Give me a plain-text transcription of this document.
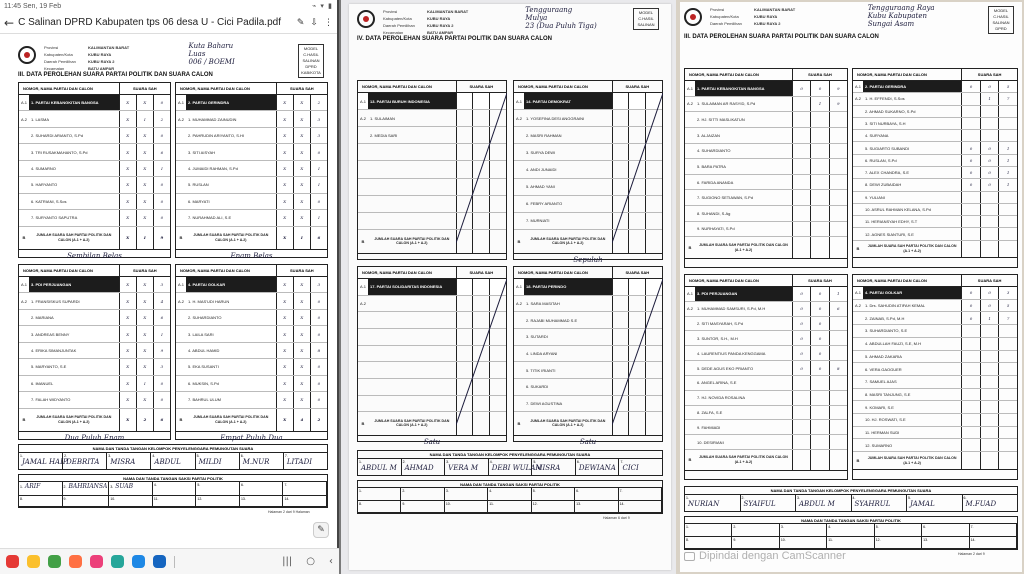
11:45 Sen, 19 Feb	⌁ ▾ ▮
← C Salinan DPRD Kabupaten tps 06 desa U - Cici Padila.pdf	✎ ⇩ ⋮
Provinsi
Kabupaten/Kota
Daerah Pemilihan
Kecamatan
KALIMANTAN BARAT
KUBU RAYA
KUBU RAYA 2
BATU AMPAR
Kuta Baharu
Luas
006 / BOEMI
MODEL C.HASIL SALINAN DPRD KAB/KOTA
III. DATA PEROLEHAN SUARA PARTAI POLITIK DAN SUARA CALON
NOMOR, NAMA PARTAI DAN CALON	SUARA SAH
A.1	1. PARTAI KEBANGKITAN BANGSA	X	X	0
A.2	1. LASMA	X	I	2
2. SUHARDI ARIANTO, S.Pd	X	X	0
3. TRI RUSAKMAHANTO, S.Pd	X	X	6
4. SUMARNO	X	X	I
5. HARYANTO	X	X	0
6. KATRIANI, S.Sos	X	X	0
7. SURYANTO SAPUTRA	X	X	0
B	JUMLAH SUARA SAH PARTAI POLITIK DAN CALON (A.1 + A.2)	X	I	9
Sembilan Belas
NOMOR, NAMA PARTAI DAN CALON	SUARA SAH
A.1	2. PARTAI GERINDRA	X	X	2
A.2	1. MUHAMMAD ZAINUDIN	X	X	3
2. PAHRUDIN ARIYANTO, S.HI	X	X	3
3. SITI AISYAH	X	X	0
4. JUMAIDI RAHMAN, S.Pd	X	X	I
5. RUSLAN	X	X	I
6. MARYATI	X	X	0
7. NURAHMAD ALI, S.E	X	X	I
B	JUMLAH SUARA SAH PARTAI POLITIK DAN CALON (A.1 + A.2)	X	I	6
Enam Belas
NOMOR, NAMA PARTAI DAN CALON	SUARA SAH
A.1	3. PDI PERJUANGAN	X	X	3
A.2	1. FRANSISKUS SUPARDI	X	X	4
2. MARIANA	X	X	6
3. ANDREAS BENNY	X	X	I
4. ERIKA SIMANJUNTAK	X	X	9
5. MARYANTO, S.E	X	X	3
6. IMANUEL	X	I	0
7. FALAH WIDYANTO	X	X	0
B	JUMLAH SUARA SAH PARTAI POLITIK DAN CALON (A.1 + A.2)	X	2	6
Dua Puluh Enam
NOMOR, NAMA PARTAI DAN CALON	SUARA SAH
A.1	4. PARTAI GOLKAR	X	X	3
A.2	1. H. MAS'UDI HARUN	X	X	0
2. SUHARDIANTO	X	X	0
3. LAILA SARI	X	X	0
4. ABDUL HAMID	X	X	8
5. EKA SUSANTI	X	X	0
6. MUKSIN, S.Pd	X	X	0
7. BAHRUL ULUM	X	X	0
B	JUMLAH SUARA SAH PARTAI POLITIK DAN CALON (A.1 + A.2)	X	4	2
Empat Puluh Dua
NAMA DAN TANDA TANGAN KELOMPOK PENYELENGGARA PEMUNGUTAN SUARA
1.
JAMAL HAIP
2.
DEBRITA
3.
MISRA
4.
ABDUL
5.
MILDI
6.
M.NUR
7.
LITADI
NAMA DAN TANDA TANGAN SAKSI PARTAI POLITIK
1. ARIF	2. BAHRIANSA 3. SUAB	4.	5.	6.	7.
8.	9.	10.	11.	12.	13.	14.
Halaman 2 dari 9 Halaman
✎
||| ○ ‹
Provinsi
Kabupaten/Kota
Daerah Pemilihan
Kecamatan
KALIMANTAN BARAT
KUBU RAYA
KUBU RAYA 2
BATU AMPAR
Tengguraang
Mulya
23 (Dua Puluh Tiga)
MODEL C.HASIL SALINAN
IV. DATA PEROLEHAN SUARA PARTAI POLITIK DAN SUARA CALON
NOMOR, NAMA PARTAI DAN CALON	SUARA SAH
A.1	13. PARTAI BURUH INDONESIA
A.2	1. SULAIMAN
2. MEDIA SARI
B	JUMLAH SUARA SAH PARTAI POLITIK DAN CALON (A.1 + A.2)
NOMOR, NAMA PARTAI DAN CALON	SUARA SAH
A.1	14. PARTAI DEMOKRAT
A.2	1. YOSEFINA DESI ANGGRAINI
2. MASRI RAHMAN
3. SURYA DEWI
4. ANDI JUNAIDI
5. AHMAD YANI
6. FEBRY ARIANTO
7. MURNIATI
B	JUMLAH SUARA SAH PARTAI POLITIK DAN CALON (A.1 + A.2)
Sepuluh
NOMOR, NAMA PARTAI DAN CALON	SUARA SAH
A.1	17. PARTAI SOLIDARITAS INDONESIA
A.2
B	JUMLAH SUARA SAH PARTAI POLITIK DAN CALON (A.1 + A.2)
Satu
NOMOR, NAMA PARTAI DAN CALON	SUARA SAH
A.1	18. PARTAI PERINDO
A.2	1. SARA MASITAH
2. RAJABI MUHAMMAD S.E
3. SUTARDI
4. LINDA ARYANI
5. TITIK IRIANTI
6. SUKARDI
7. DEWI AGUSTINA
B	JUMLAH SUARA SAH PARTAI POLITIK DAN CALON (A.1 + A.2)
Satu
NAMA DAN TANDA TANGAN KELOMPOK PENYELENGGARA PEMUNGUTAN SUARA
1.
ABDUL M
2.
AHMAD
3.
VERA M
4.
DEBI WULAN
5.
MISRA
6.
DEWIANA
7.
CICI
NAMA DAN TANDA TANGAN SAKSI PARTAI POLITIK
1.	2.	3.	4.	5.	6.	7.
8.	9.	10.	11.	12.	13.	14.
Halaman 6 dari 9
Provinsi
Kabupaten/Kota
Daerah Pemilihan
KALIMANTAN BARAT
KUBU RAYA
KUBU RAYA 2
Tengguraang Raya
Kubu Kabupaten
Sungai Asam
MODEL C.HASIL SALINAN DPRD
III. DATA PEROLEHAN SUARA PARTAI POLITIK DAN SUARA CALON
NOMOR, NAMA PARTAI DAN CALON	SUARA SAH
A.1	1. PARTAI KEBANGKITAN BANGSA	0	0	9
A.2	1. SULAIMAN AR RASYID, S.Pd	1	9
2. HJ. SITTI MASLIKATUN
3. ALJAIZAN
4. SUHARDIANTO
5. BARA PATRA
6. FARIDA ANANDA
7. SUGIONO SETIAWAN, S.Pd
8. SUHANDI, S.Ag
9. NURHAYATI, S.Pd
B	JUMLAH SUARA SAH PARTAI POLITIK DAN CALON (A.1 + A.2)
NOMOR, NAMA PARTAI DAN CALON	SUARA SAH
A.1	2. PARTAI GERINDRA	0	0	5
A.2	1. H. EFFENDI, S.Sos	1	7
2. AHMAD SUKARNO, S.Pd
3. SITI NURBAYA, S.H
4. SURYANA
5. SUGIARTO SUBANDI	0	0	1
6. RUSLAN, S.Pd	0	0	1
7. ALEX CHANDRA, S.E	0	0	1
8. DEWI ZUBAIDAH	0	0	1
9. YULIANI
10. ASRUL RAHMAN KELANA, S.Pd
11. HERIANSYAH EDHY, S.T
12. AGNES SIANTURI, S.E
B	JUMLAH SUARA SAH PARTAI POLITIK DAN CALON (A.1 + A.2)
NOMOR, NAMA PARTAI DAN CALON	SUARA SAH
A.1	3. PDI PERJUANGAN	0	0	1
A.2	1. MUHAMMAD SAMSURI, S.Pd, M.H	0	0	6
2. SITI MASYARAH, S.Pd	0	0
3. SUNTOR, S.H., M.H	0	0
4. LAURENTIUS PANDA KENGGAMA	0	0
5. DEDE AGUS EKO PRIANTO	0	0	8
6. ANGEL ARINA, S.E
7. HJ. NOVIDA ROSALINA
8. ZALFA, S.E
9. FAHMIADI
10. DESIRIANI
B	JUMLAH SUARA SAH PARTAI POLITIK DAN CALON (A.1 + A.2)
NOMOR, NAMA PARTAI DAN CALON	SUARA SAH
A.1	4. PARTAI GOLKAR	0	0	3
A.2	1. Drs. SAHUDIN ATIFAH KEMAL	0	0	5
2. ZAINAB, S.Pd, M.H	0	1	7
3. SUHARDIANTO, S.E
4. ABDULLAH FAUZI, S.E, M.H
5. AHMAD ZAKARIA
6. VERA GAOGUER
7. SAMUEL AJAS
8. MASRI TANJUNG, S.E
9. KOMARI, S.E
10. HJ. ROSWATI, S.E
11. HERMAN SUDI
12. SUMARNO
B	JUMLAH SUARA SAH PARTAI POLITIK DAN CALON (A.1 + A.2)
NAMA DAN TANDA TANGAN KELOMPOK PENYELENGGARA PEMUNGUTAN SUARA
1.
NURIAN
2.
SYAIFUL
3.
ABDUL M
4.
SYAHRUL
5.
JAMAL
6.
M.FUAD
NAMA DAN TANDA TANGAN SAKSI PARTAI POLITIK
1.	2.	3.	4.	5.	6.	7.
8.	9.	10.	11.	12.	13.	14.
Halaman 2 dari 9
Dipindai dengan CamScanner
